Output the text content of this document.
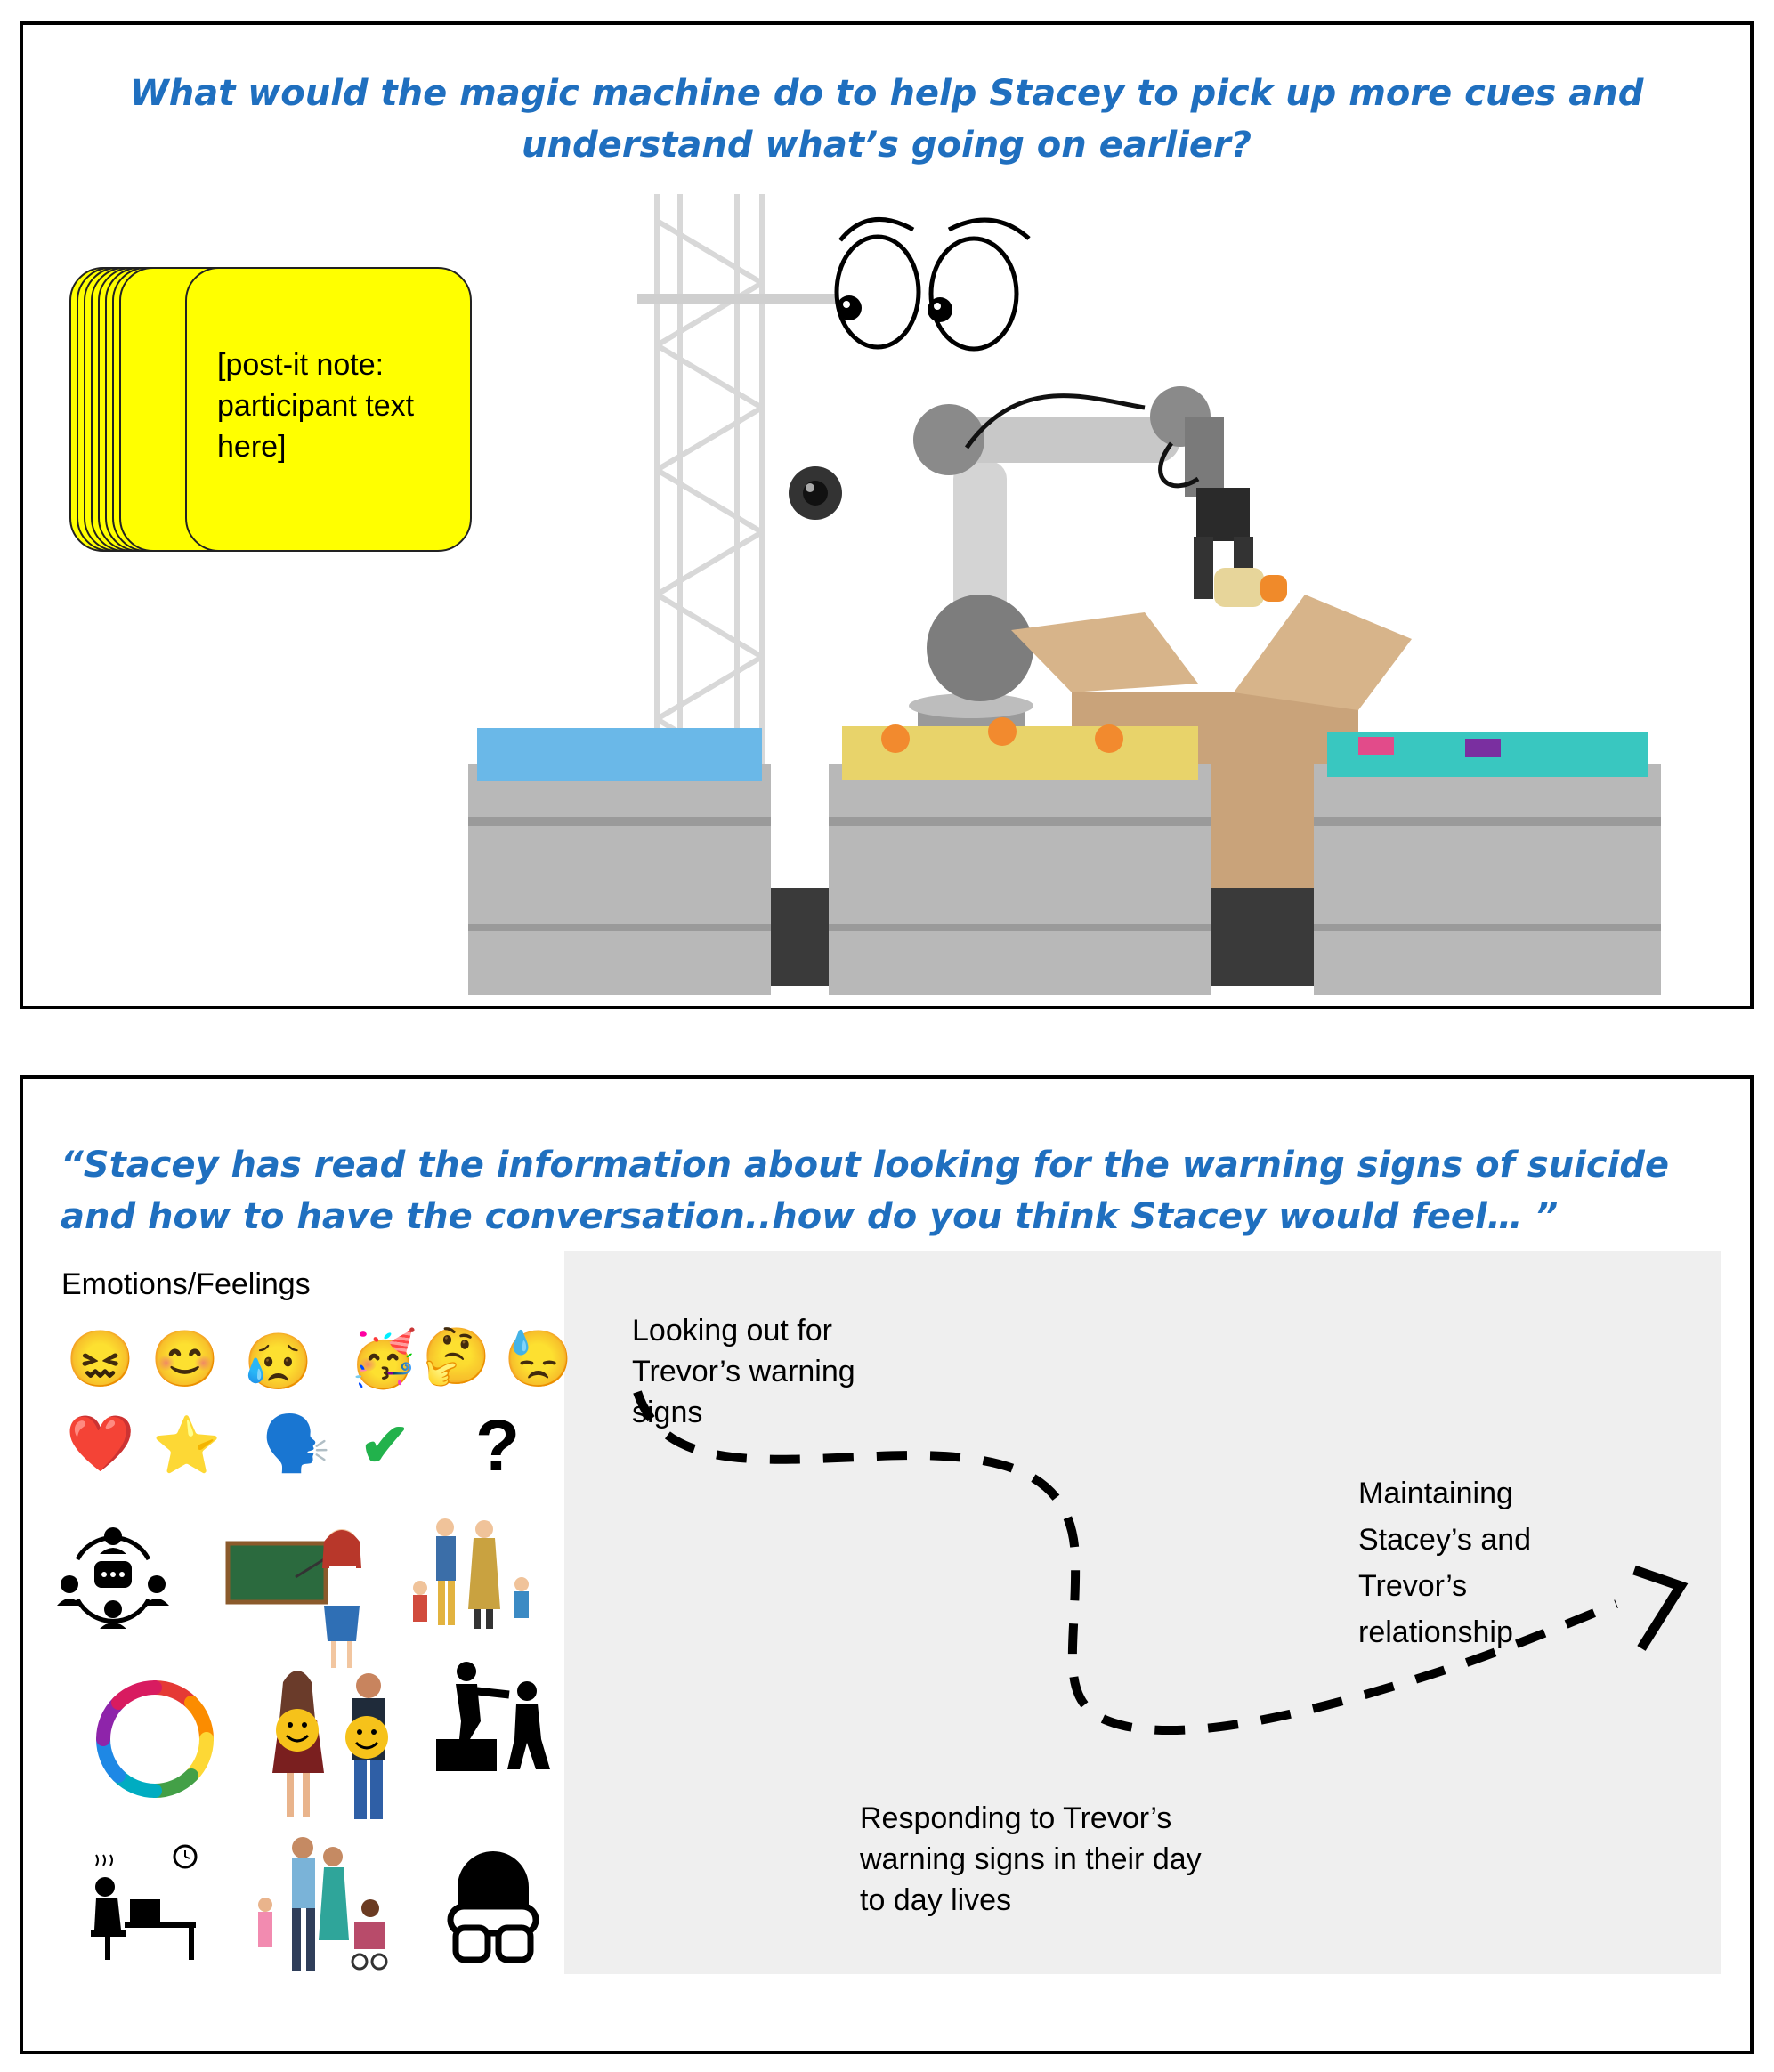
What would the magic machine do to help Stacey to pick up more cues and understand what’s going on earlier?
[post-it note: participant text here]
“Stacey has read the information about looking for the warning signs of suicide and how to have the conversation..how do you think Stacey would feel… ”
Emotions/Feelings
😖 😊 😥 🥳 🤔 😓
❤️ ⭐ 🗣️ ✔ ?
Looking out for Trevor’s warning signs
Responding to Trevor’s warning signs in their day to day lives
Maintaining Stacey’s and Trevor’s relationship
